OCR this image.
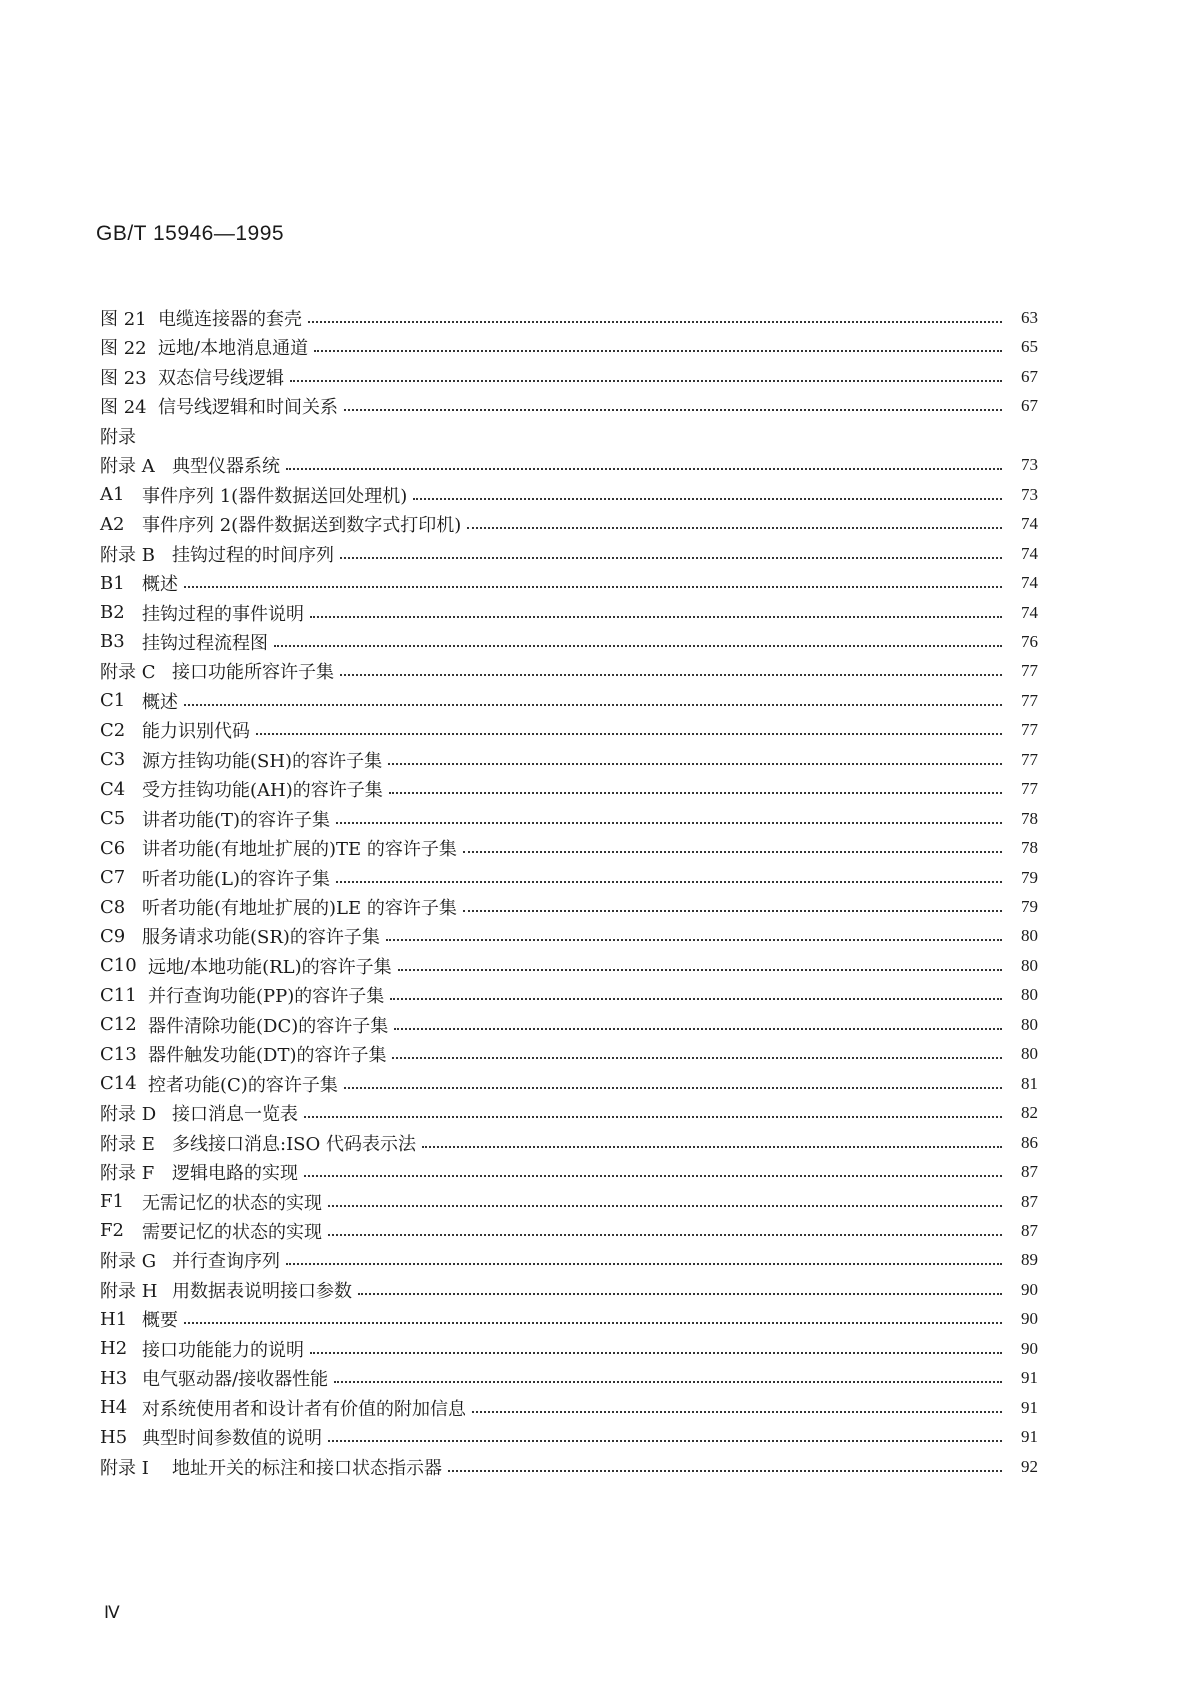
GB/T 15946—1995
图 21 电缆连接器的套壳	63
图 22 远地/本地消息通道	65
图 23 双态信号线逻辑	67
图 24 信号线逻辑和时间关系	67
附录
附录 A 典型仪器系统	73
A1 事件序列 1(器件数据送回处理机)	73
A2 事件序列 2(器件数据送到数字式打印机)	74
附录 B 挂钩过程的时间序列	74
B1 概述	74
B2 挂钩过程的事件说明	74
B3 挂钩过程流程图	76
附录 C 接口功能所容许子集	77
C1 概述	77
C2 能力识别代码	77
C3 源方挂钩功能(SH)的容许子集	77
C4 受方挂钩功能(AH)的容许子集	77
C5 讲者功能(T)的容许子集	78
C6 讲者功能(有地址扩展的)TE 的容许子集	78
C7 听者功能(L)的容许子集	79
C8 听者功能(有地址扩展的)LE 的容许子集	79
C9 服务请求功能(SR)的容许子集	80
C10 远地/本地功能(RL)的容许子集	80
C11 并行查询功能(PP)的容许子集	80
C12 器件清除功能(DC)的容许子集	80
C13 器件触发功能(DT)的容许子集	80
C14 控者功能(C)的容许子集	81
附录 D 接口消息一览表	82
附录 E 多线接口消息:ISO 代码表示法	86
附录 F 逻辑电路的实现	87
F1	无需记忆的状态的实现	87
F2	需要记忆的状态的实现	87
附录 G 并行查询序列	89
附录 H 用数据表说明接口参数	90
H1 概要	90
H2 接口功能能力的说明	90
H3 电气驱动器/接收器性能	91
H4 对系统使用者和设计者有价值的附加信息	91
H5 典型时间参数值的说明	91
附录 I	地址开关的标注和接口状态指示器	92
Ⅳ
